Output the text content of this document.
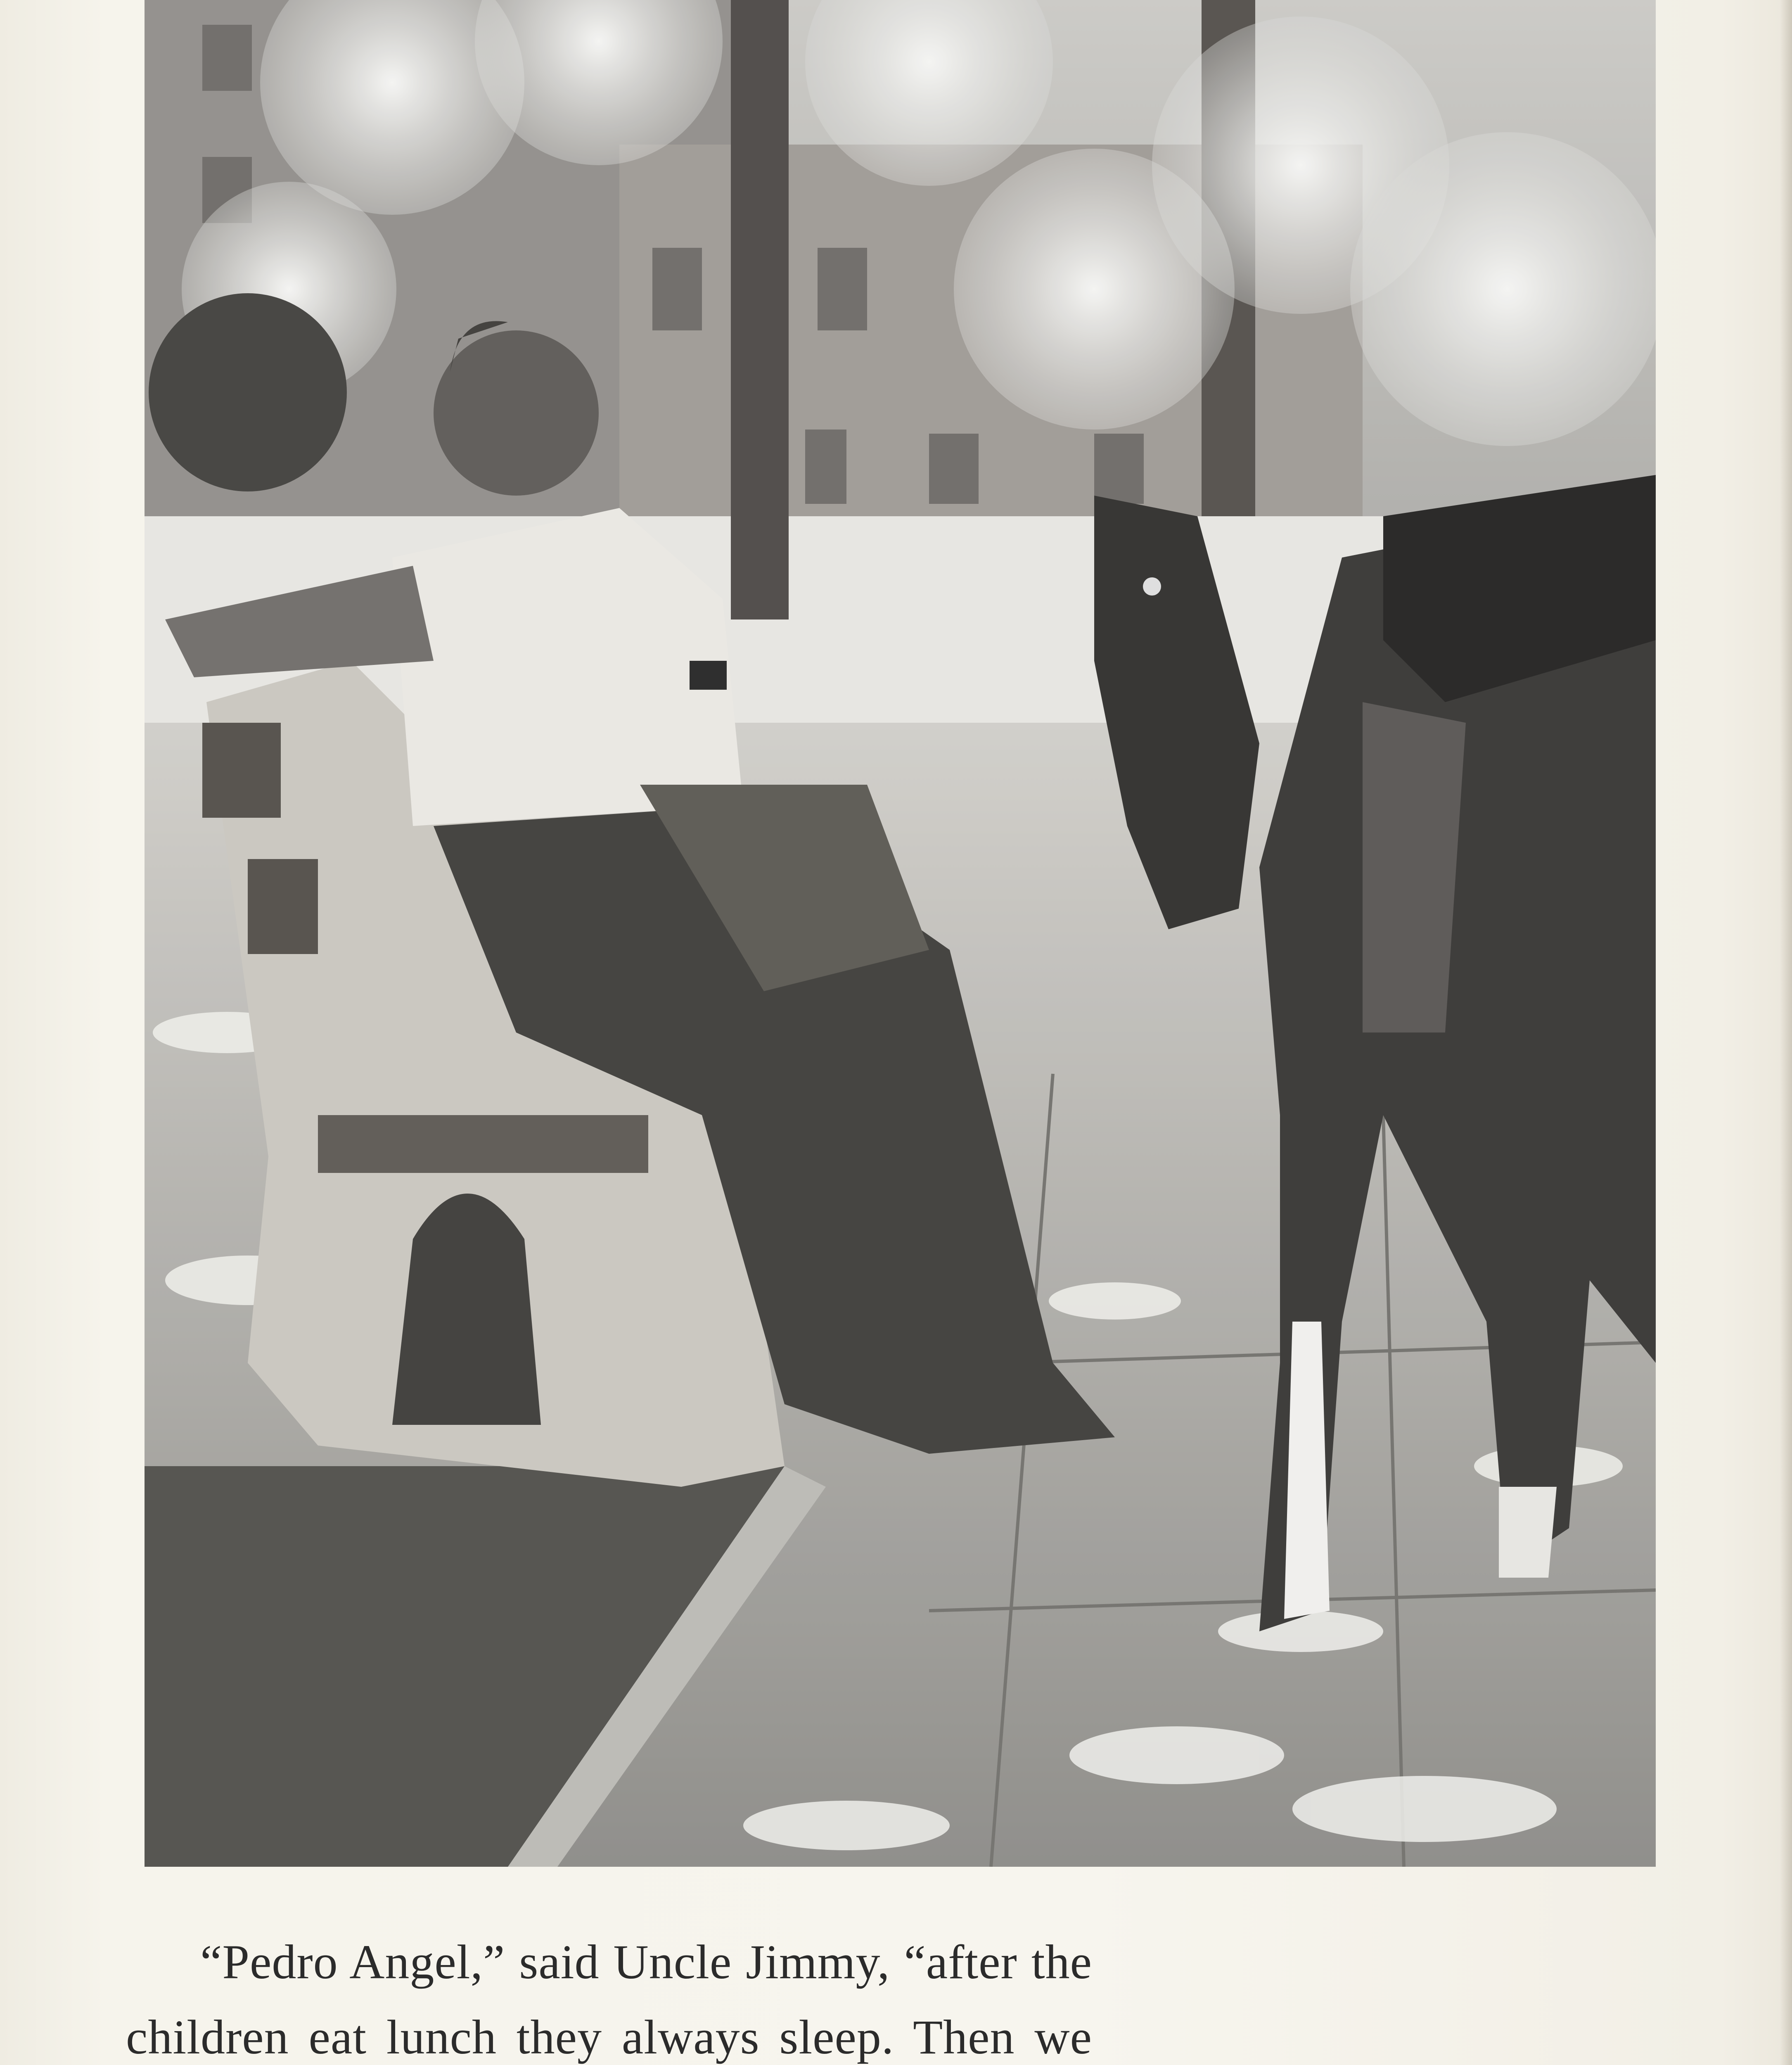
“Pedro Angel,” said Uncle Jimmy, “after the children eat lunch they always sleep. Then we
